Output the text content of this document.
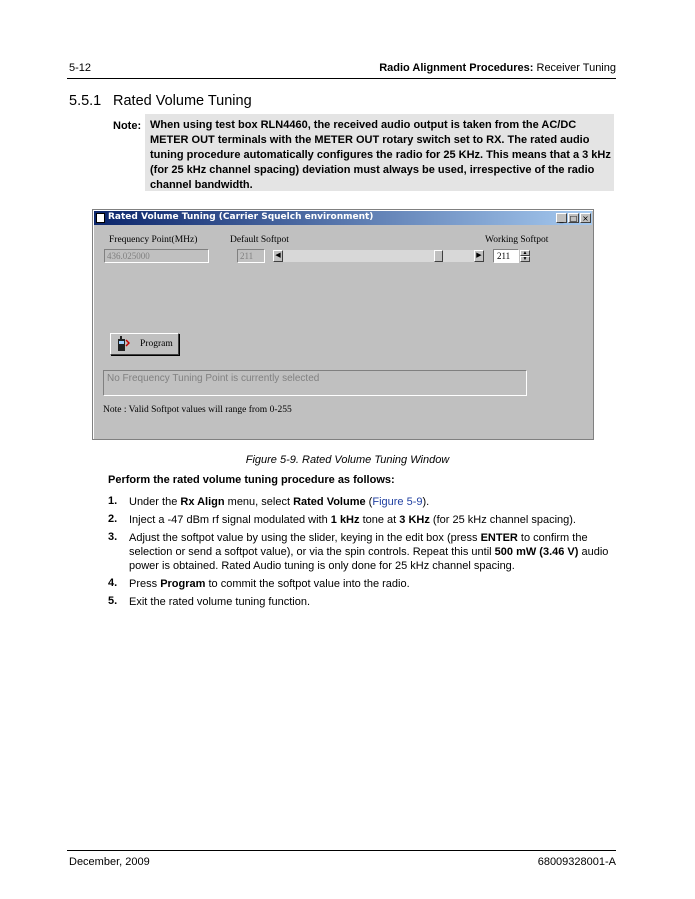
5-12	Radio Alignment Procedures: Receiver Tuning
5.5.1 Rated Volume Tuning
Note: When using test box RLN4460, the received audio output is taken from the AC/DC METER OUT terminals with the METER OUT rotary switch set to RX. The rated audio tuning procedure automatically configures the radio for 25 KHz. This means that a 3 kHz (for 25 kHz channel spacing) deviation must always be used, irrespective of the radio channel bandwidth.
Rated Volume Tuning (Carrier Squelch environment)	_ □ ×
Frequency Point(MHz)
436.025000
Default Softpot
211	◀	▶
Working Softpot
211	▲
▼
Program
No Frequency Tuning Point is currently selected
Note : Valid Softpot values will range from 0-255
Figure 5-9. Rated Volume Tuning Window
Perform the rated volume tuning procedure as follows:
1. Under the Rx Align menu, select Rated Volume (Figure 5-9).
2. Inject a -47 dBm rf signal modulated with 1 kHz tone at 3 KHz (for 25 kHz channel spacing).
3. Adjust the softpot value by using the slider, keying in the edit box (press ENTER to confirm the selection or send a softpot value), or via the spin controls. Repeat this until 500 mW (3.46 V) audio power is obtained. Rated Audio tuning is only done for 25 kHz channel spacing.
4. Press Program to commit the softpot value into the radio.
5. Exit the rated volume tuning function.
December, 2009	68009328001-A
